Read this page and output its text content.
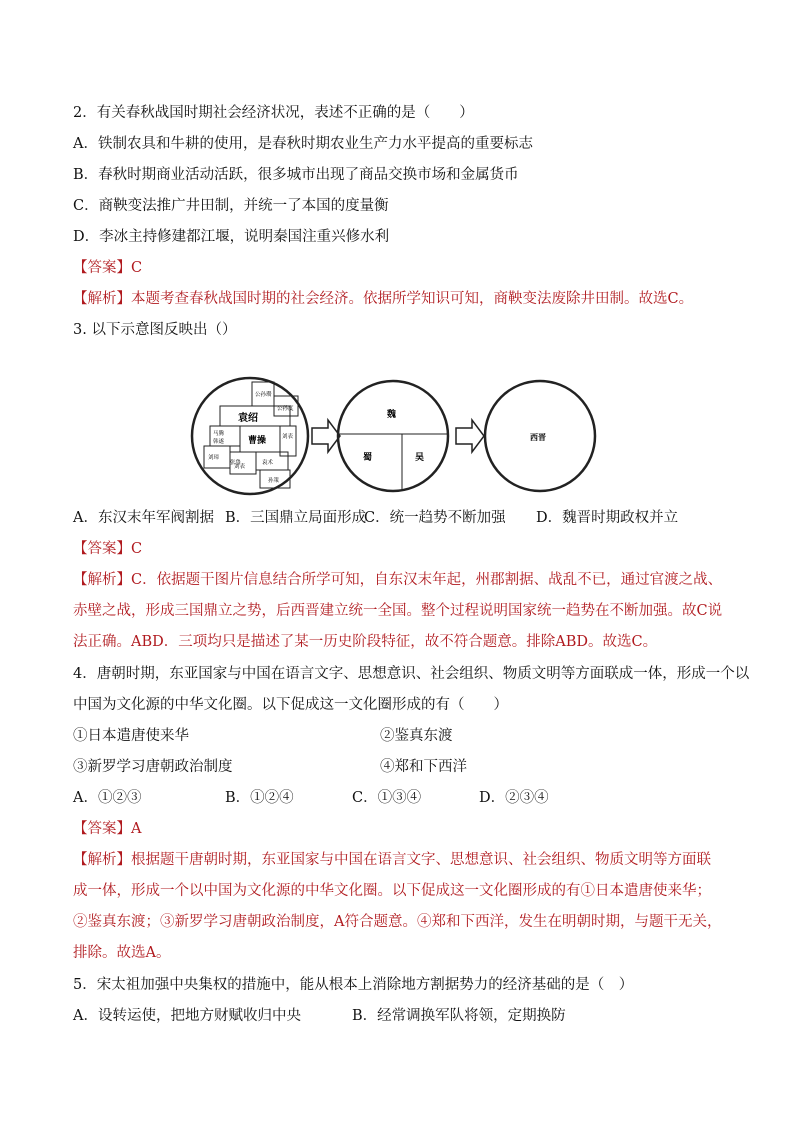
2．有关春秋战国时期社会经济状况，表述不正确的是（　　）
A．铁制农具和牛耕的使用，是春秋时期农业生产力水平提高的重要标志
B．春秋时期商业活动活跃，很多城市出现了商品交换市场和金属货币
C．商鞅变法推广井田制，并统一了本国的度量衡
D．李冰主持修建都江堰，说明秦国注重兴修水利
【答案】C
【解析】本题考查春秋战国时期的社会经济。依据所学知识可知，商鞅变法废除井田制。故选C。
3. 以下示意图反映出（）
公孙瓒
公孙度
袁绍
马腾
韩遂	曹操	刘表
张鲁
刘璋
刘表
袁术
孙策
魏
蜀	吴
西晋
A．东汉末年军阀割据 B．三国鼎立局面形成
C．统一趋势不断加强 D．魏晋时期政权并立
【答案】C
【解析】C．依据题干图片信息结合所学可知，自东汉末年起，州郡割据、战乱不已，通过官渡之战、赤壁之战，形成三国鼎立之势，后西晋建立统一全国。整个过程说明国家统一趋势在不断加强。故C说法正确。ABD．三项均只是描述了某一历史阶段特征，故不符合题意。排除ABD。故选C。
4．唐朝时期，东亚国家与中国在语言文字、思想意识、社会组织、物质文明等方面联成一体，形成一个以
中国为文化源的中华文化圈。以下促成这一文化圈形成的有（　　）
①日本遣唐使来华	②鉴真东渡
③新罗学习唐朝政治制度	④郑和下西洋
A．①②③	B．①②④	C．①③④	D．②③④
【答案】A
【解析】根据题干唐朝时期，东亚国家与中国在语言文字、思想意识、社会组织、物质文明等方面联成一体，形成一个以中国为文化源的中华文化圈。以下促成这一文化圈形成的有①日本遣唐使来华；②鉴真东渡；③新罗学习唐朝政治制度，A符合题意。④郑和下西洋，发生在明朝时期，与题干无关，排除。故选A。
5．宋太祖加强中央集权的措施中，能从根本上消除地方割据势力的经济基础的是（　）
A．设转运使，把地方财赋收归中央	B．经常调换军队将领，定期换防
